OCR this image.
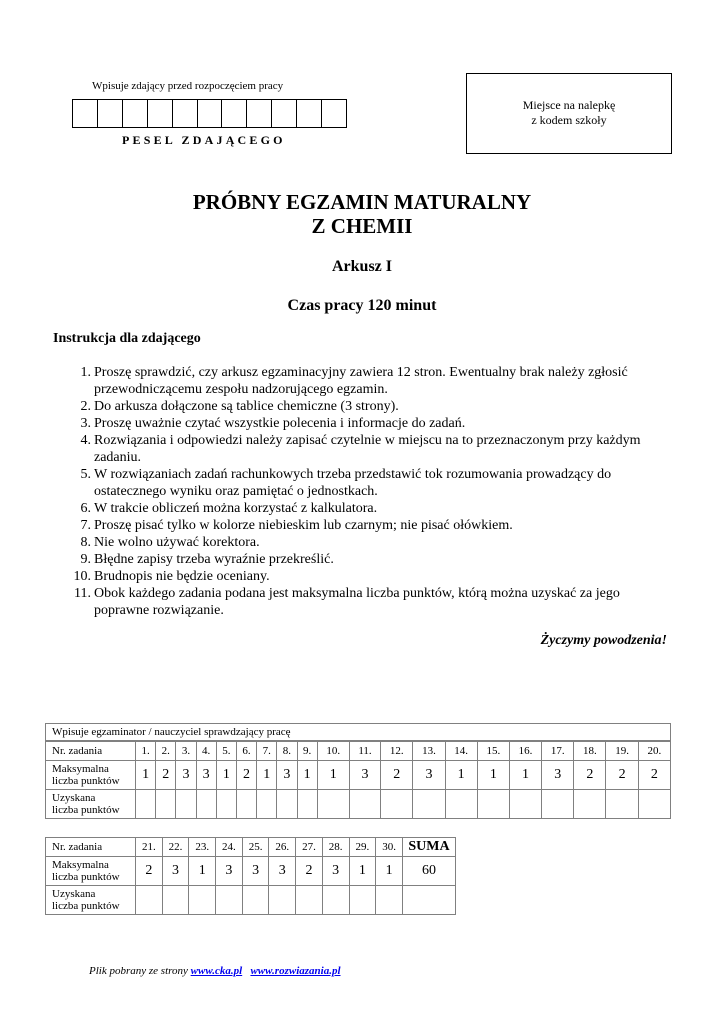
Wpisuje zdający przed rozpoczęciem pracy
PESEL ZDAJĄCEGO
Miejsce na nalepkę
z kodem szkoły
PRÓBNY EGZAMIN MATURALNY
Z CHEMII
Arkusz I
Czas pracy 120 minut
Instrukcja dla zdającego
1. Proszę sprawdzić, czy arkusz egzaminacyjny zawiera 12 stron. Ewentualny brak należy zgłosić
przewodniczącemu zespołu nadzorującego egzamin.
2. Do arkusza dołączone są tablice chemiczne (3 strony).
3. Proszę uważnie czytać wszystkie polecenia i informacje do zadań.
4. Rozwiązania i odpowiedzi należy zapisać czytelnie w miejscu na to przeznaczonym przy każdym
zadaniu.
5. W rozwiązaniach zadań rachunkowych trzeba przedstawić tok rozumowania prowadzący do
ostatecznego wyniku oraz pamiętać o jednostkach.
6. W trakcie obliczeń można korzystać z kalkulatora.
7. Proszę pisać tylko w kolorze niebieskim lub czarnym; nie pisać ołówkiem.
8. Nie wolno używać korektora.
9. Błędne zapisy trzeba wyraźnie przekreślić.
10. Brudnopis nie będzie oceniany.
11. Obok każdego zadania podana jest maksymalna liczba punktów, którą można uzyskać za jego
poprawne rozwiązanie.
Życzymy powodzenia!
Wpisuje egzaminator / nauczyciel sprawdzający pracę
Nr. zadania	1.	2.	3.	4.	5.	6.	7.	8.	9.	10.	11.	12.	13.	14.	15.	16.	17.	18.	19.	20.

Maksymalna
liczba punktów	1	2	3	3	1	2	1	3	1	1	3	2	3	1	1	1	3	2	2	2

Uzyskana
liczba punktów																				

Nr. zadania	21.	22.	23.	24.	25.	26.	27.	28.	29.	30.	SUMA

Maksymalna
liczba punktów	2	3	1	3	3	3	2	3	1	1	60

Uzyskana
liczba punktów											

Plik pobrany ze strony www.cka.pl www.rozwiazania.pl
